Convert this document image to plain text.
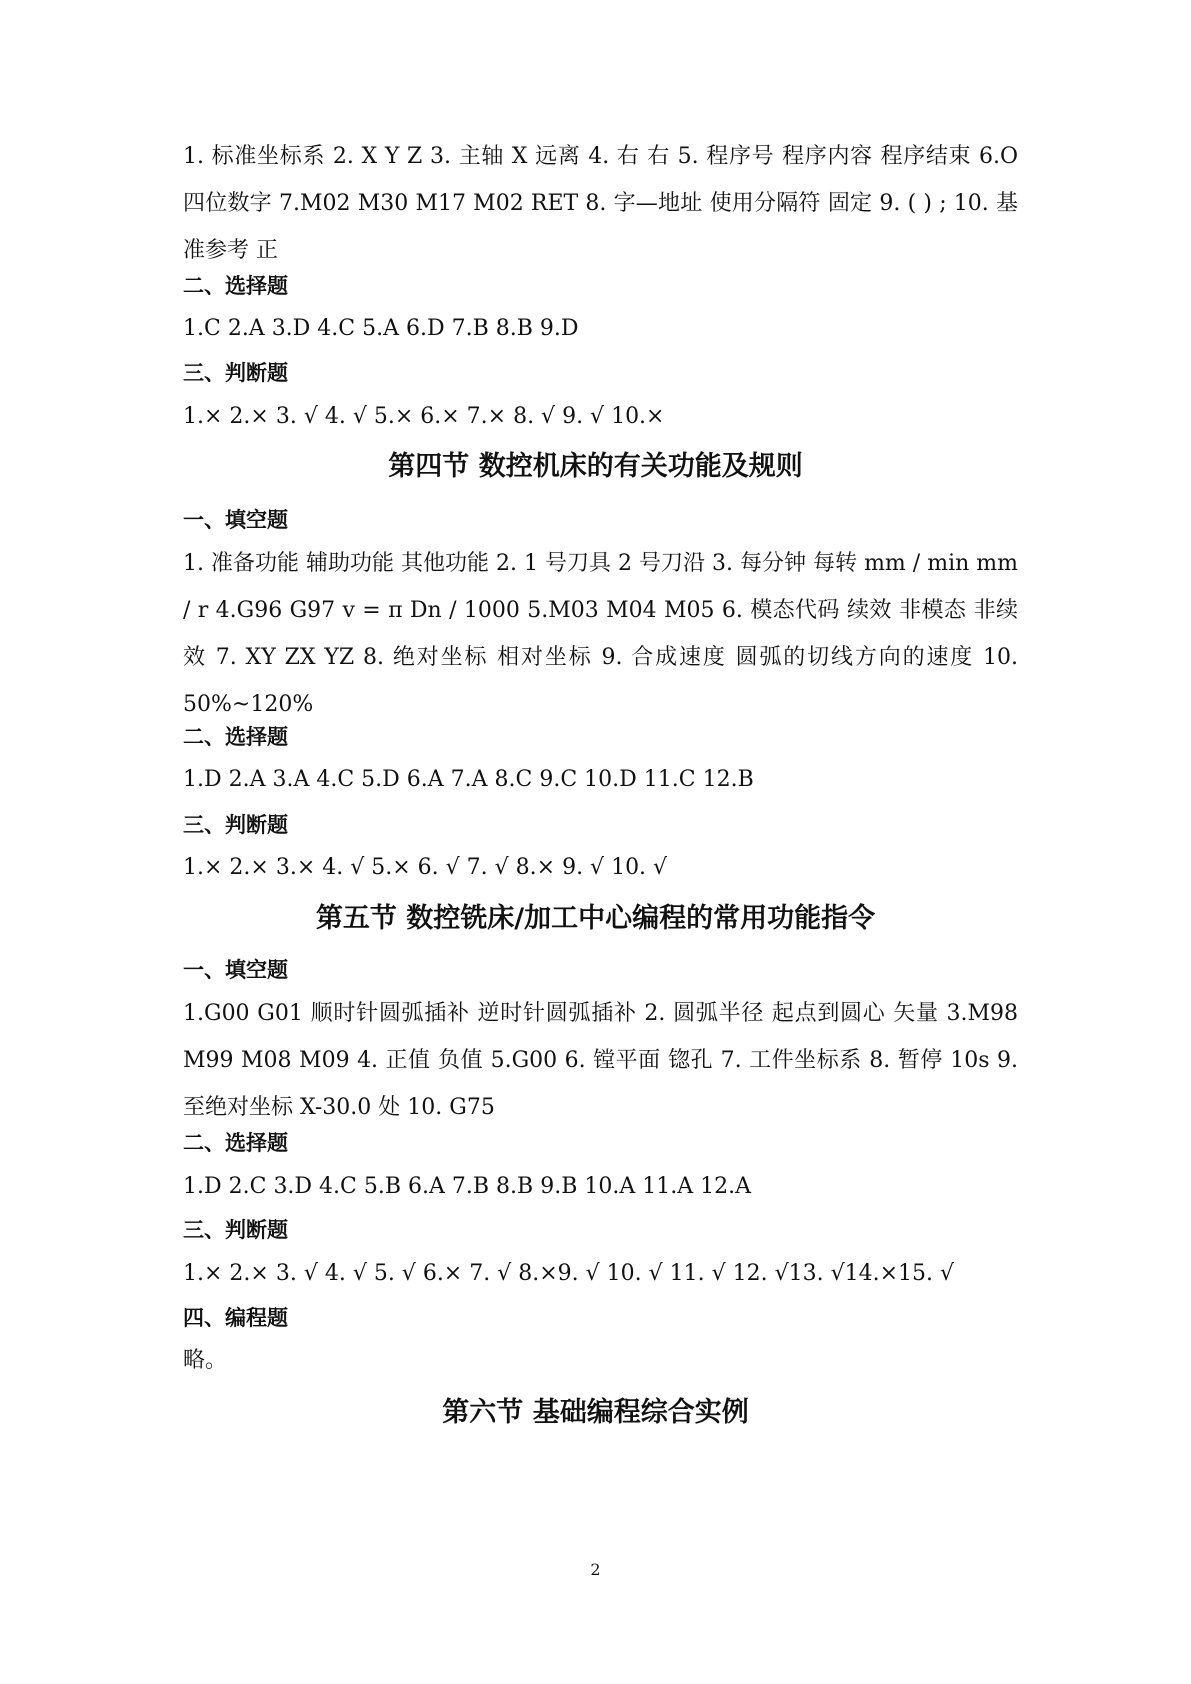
1. 标准坐标系 2. X Y Z 3. 主轴 X 远离 4. 右 右 5. 程序号 程序内容 程序结束 6.O 四位数字 7.M02 M30 M17 M02 RET 8. 字—地址 使用分隔符 固定 9. ( ) ; 10. 基准参考 正

二、选择题

1.C 2.A 3.D 4.C 5.A 6.D 7.B 8.B 9.D

三、判断题

1.× 2.× 3. √ 4. √ 5.× 6.× 7.× 8. √ 9. √ 10.×

第四节 数控机床的有关功能及规则

一、填空题

1. 准备功能 辅助功能 其他功能 2. 1 号刀具 2 号刀沿 3. 每分钟 每转 mm / min mm / r 4.G96 G97 v = π Dn / 1000 5.M03 M04 M05 6. 模态代码 续效 非模态 非续效 7. XY ZX YZ 8. 绝对坐标 相对坐标 9. 合成速度 圆弧的切线方向的速度 10. 50%~120%

二、选择题

1.D 2.A 3.A 4.C 5.D 6.A 7.A 8.C 9.C 10.D 11.C 12.B

三、判断题

1.× 2.× 3.× 4. √ 5.× 6. √ 7. √ 8.× 9. √ 10. √

第五节 数控铣床/加工中心编程的常用功能指令

一、填空题

1.G00 G01 顺时针圆弧插补 逆时针圆弧插补 2. 圆弧半径 起点到圆心 矢量 3.M98 M99 M08 M09 4. 正值 负值 5.G00 6. 镗平面 锪孔 7. 工件坐标系 8. 暂停 10s 9. 至绝对坐标 X-30.0 处 10. G75

二、选择题

1.D 2.C 3.D 4.C 5.B 6.A 7.B 8.B 9.B 10.A 11.A 12.A

三、判断题

1.× 2.× 3. √ 4. √ 5. √ 6.× 7. √ 8.×9. √ 10. √ 11. √ 12. √13. √14.×15. √

四、编程题

略。

第六节 基础编程综合实例
2
